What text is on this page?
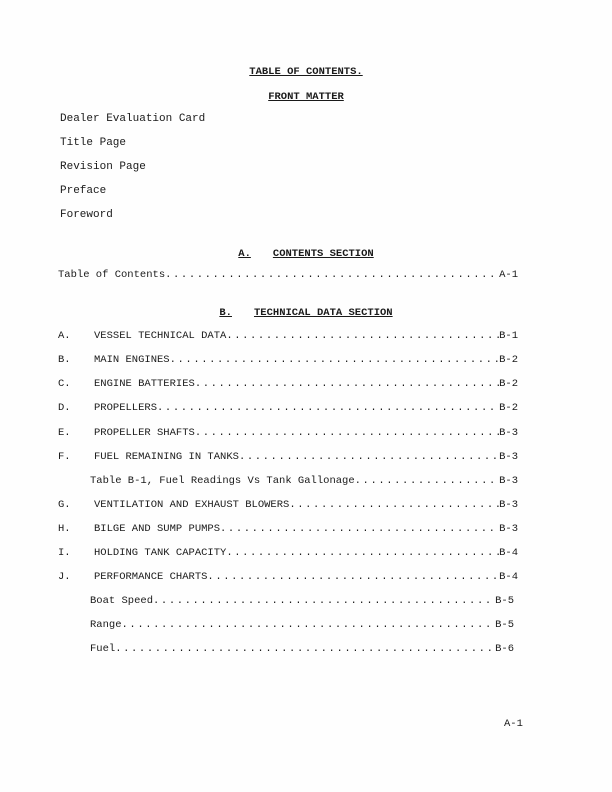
TABLE OF CONTENTS.
FRONT MATTER
Dealer Evaluation Card
Title Page
Revision Page
Preface
Foreword
A. CONTENTS SECTION
Table of Contents .....	A-1
B. TECHNICAL DATA SECTION
A.	VESSEL TECHNICAL DATA .....	B-1
B.	MAIN ENGINES .....	B-2
C.	ENGINE BATTERIES .....	B-2
D.	PROPELLERS .....	B-2
E.	PROPELLER SHAFTS .....	B-3
F.	FUEL REMAINING IN TANKS .....	B-3
Table B-1, Fuel Readings Vs Tank Gallonage .....	B-3
G.	VENTILATION AND EXHAUST BLOWERS .....	B-3
H.	BILGE AND SUMP PUMPS .....	B-3
I.	HOLDING TANK CAPACITY .....	B-4
J.	PERFORMANCE CHARTS .....	B-4
Boat Speed .....	B-5
Range .....	B-5
Fuel .....	B-6
A-1
